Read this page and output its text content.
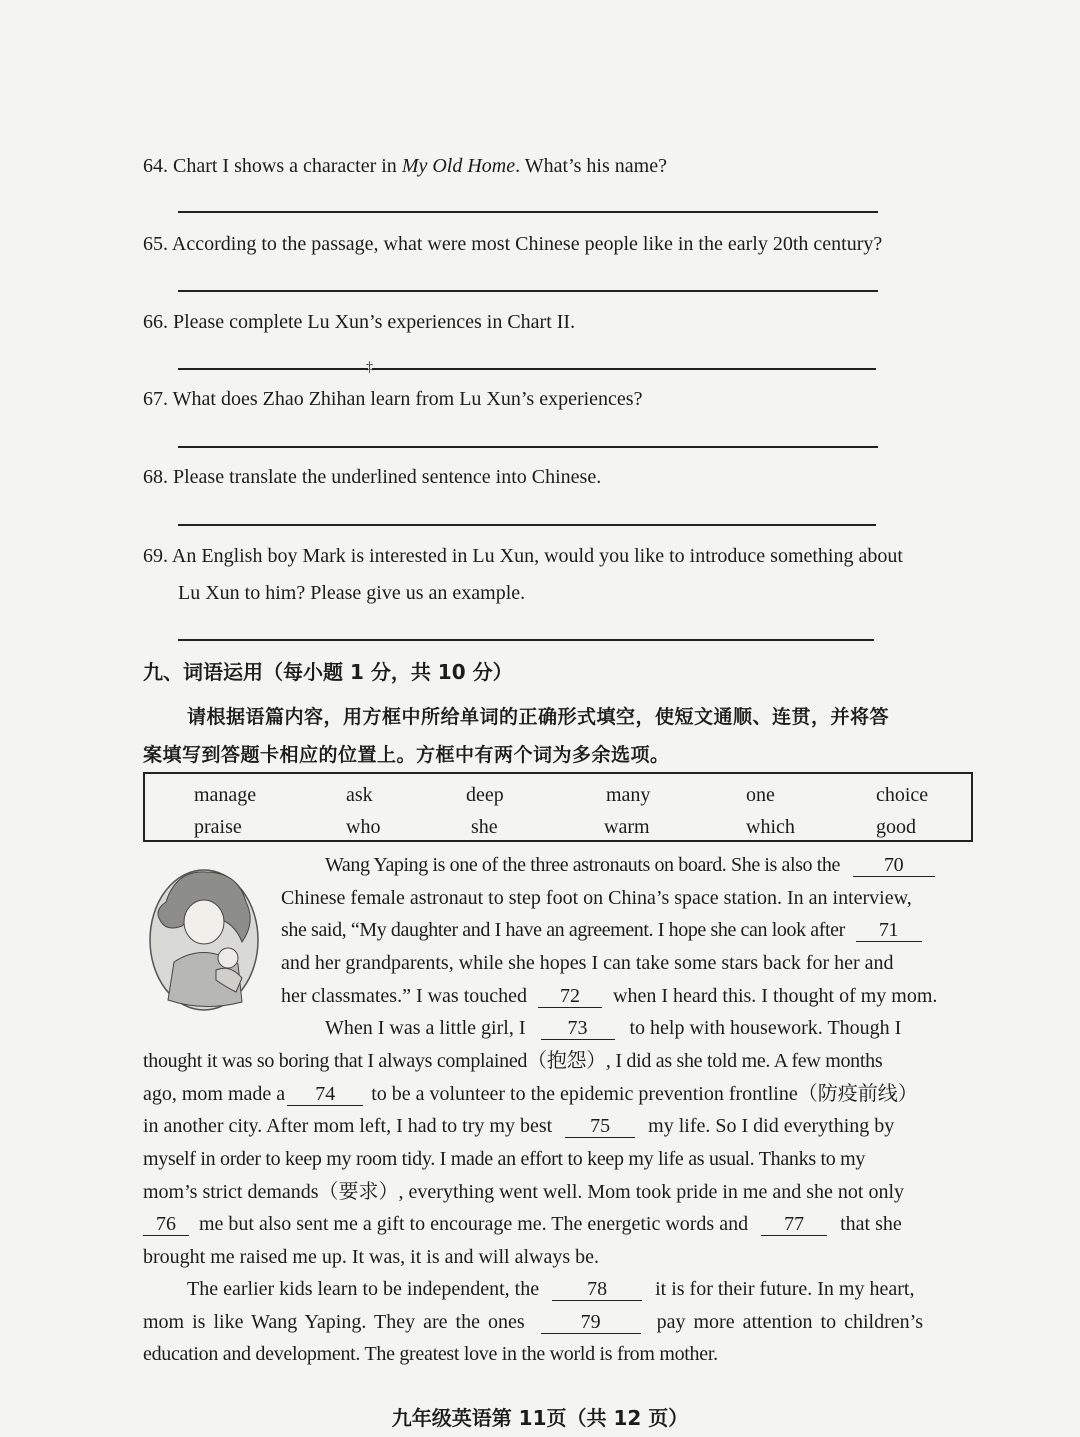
64. Chart I shows a character in My Old Home. What’s his name?
65. According to the passage, what were most Chinese people like in the early 20th century?
66. Please complete Lu Xun’s experiences in Chart II.
‡
67. What does Zhao Zhihan learn from Lu Xun’s experiences?
68. Please translate the underlined sentence into Chinese.
69. An English boy Mark is interested in Lu Xun, would you like to introduce something about
Lu Xun to him? Please give us an example.
九、词语运用（每小题 1 分，共 10 分）
请根据语篇内容，用方框中所给单词的正确形式填空，使短文通顺、连贯，并将答
案填写到答题卡相应的位置上。方框中有两个词为多余选项。
manage	ask	deep	many	one	choice
praise	who	she	warm	which	good
Wang Yaping is one of the three astronauts on board. She is also the 70
Chinese female astronaut to step foot on China’s space station. In an interview,
she said, “My daughter and I have an agreement. I hope she can look after 71
and her grandparents, while she hopes I can take some stars back for her and
her classmates.” I was touched 72 when I heard this. I thought of my mom.
When I was a little girl, I 73 to help with housework. Though I
thought it was so boring that I always complained（抱怨）, I did as she told me. A few months
ago, mom made a 74 to be a volunteer to the epidemic prevention frontline（防疫前线）
in another city. After mom left, I had to try my best 75 my life. So I did everything by
myself in order to keep my room tidy. I made an effort to keep my life as usual. Thanks to my
mom’s strict demands（要求）, everything went well. Mom took pride in me and she not only
76 me but also sent me a gift to encourage me. The energetic words and 77 that she
brought me raised me up. It was, it is and will always be.
The earlier kids learn to be independent, the 78 it is for their future. In my heart,
mom is like Wang Yaping. They are the ones	79	pay more attention to children’s
education and development. The greatest love in the world is from mother.
九年级英语第 11页（共 12 页）
